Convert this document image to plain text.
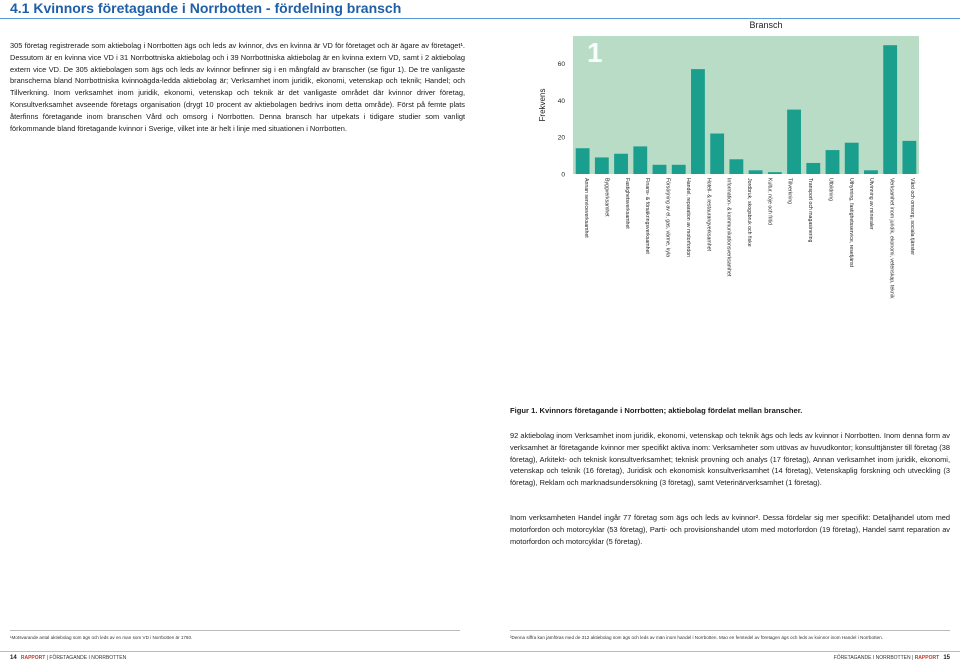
4.1 Kvinnors företagande i Norrbotten - fördelning bransch

305 företag registrerade som aktiebolag i Norrbotten ägs och leds av kvinnor, dvs en kvinna är VD för företaget och är ägare av företaget¹. Dessutom är en kvinna vice VD i 31 Norrbottniska aktiebolag och i 39 Norrbottniska aktiebolag är en kvinna extern VD, samt i 2 aktiebolag extern vice VD. De 305 aktiebolagen som ägs och leds av kvinnor befinner sig i en mångfald av branscher (se figur 1). De tre vanligaste branscherna bland Norrbottniska kvinnoägda-ledda aktiebolag är; Verksamhet inom juridik, ekonomi, vetenskap och teknik; Handel; och Tillverkning. Inom verksamhet inom juridik, ekonomi, vetenskap och teknik är det vanligaste området där kvinnor driver företag, Konsultverksamhet avseende företags organisation (drygt 10 procent av aktiebolagen bedrivs inom detta område). Först på femte plats återfinns företagande inom branschen Vård och omsorg i Norrbotten. Denna bransch har utpekats i tidigare studier som vanligt förkommande bland företagande kvinnor i Sverige, vilket inte är helt i linje med situationen i Norrbotten.

Bransch
1
0
20
40
60
Frekvens
Annan serviceverksamhet	Byggverksamhet	Fastighetsverksamhet	Finans- & försäkringsverksamhet	Försörjning av el, gas, värme, kyla	Handel, reparation av motorfordon	Hotell- & restaurangverksamhet	Information- & kommunikationsverksamhet	Jordbruk, skogsbruk och fiske	Kultur, nöje och fritid	Tillverkning	Transport och magasinering	Utbildning	Uthyrning, fastighetsservice, resetjänst	Utvinning av mineraler	Verksamhet inom juridik, ekonomi, vetenskap, teknik	Vård och omsorg, sociala tjänster

Figur 1. Kvinnors företagande i Norrbotten; aktiebolag fördelat mellan branscher.

92 aktiebolag inom Verksamhet inom juridik, ekonomi, vetenskap och teknik ägs och leds av kvinnor i Norrbotten. Inom denna form av verksamhet är företagande kvinnor mer specifikt aktiva inom: Verksamheter som utövas av huvudkontor; konsulttjänster till företag (38 företag), Arkitekt- och teknisk konsultverksamhet; teknisk provning och analys (17 företag), Annan verksamhet inom juridik, ekonomi, vetenskap och teknik (16 företag), Juridisk och ekonomisk konsultverksamhet (14 företag), Vetenskaplig forskning och utveckling (3 företag), Reklam och marknadsundersökning (3 företag), samt Veterinärverksamhet (1 företag).

Inom verksamheten Handel ingår 77 företag som ägs och leds av kvinnor². Dessa fördelar sig mer specifikt: Detaljhandel utom med motorfordon och motorcyklar (53 företag), Parti- och provisionshandel utom med motorfordon (19 företag), Handel samt reparation av motorfordon och motorcyklar (5 företag).

¹Motsvarande antal aktiebolag som ägs och leds av en man som VD i Norrbotten är 1760.	²Denna siffra kan jämföras med de 312 aktiebolag som ägs och leds av män inom handel i Norrbotten. Mao en femtedel av företagen ägs och leds av kvinnor inom Handel i Norrbotten.
14 RAPPORT | FÖRETAGANDE I NORRBOTTEN	FÖRETAGANDE I NORRBOTTEN | RAPPORT 15
